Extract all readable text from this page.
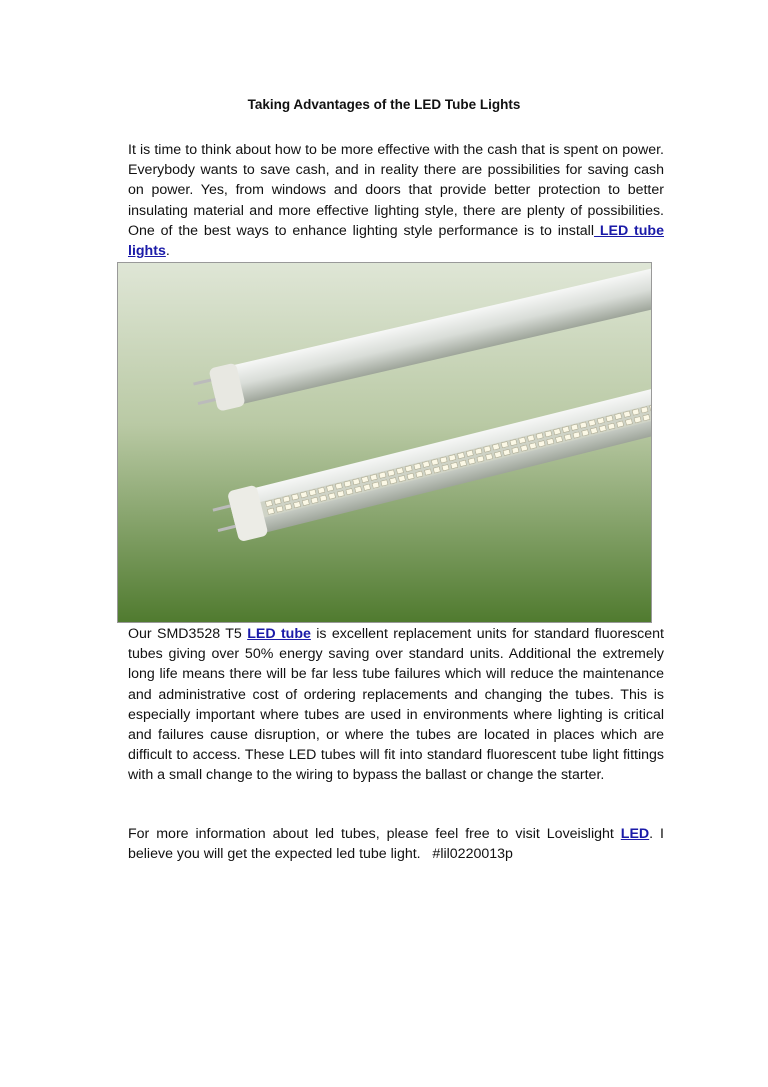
Taking Advantages of the LED Tube Lights

It is time to think about how to be more effective with the cash that is spent on power. Everybody wants to save cash, and in reality there are possibilities for saving cash on power. Yes, from windows and doors that provide better protection to better insulating material and more effective lighting style, there are plenty of possibilities. One of the best ways to enhance lighting style performance is to install LED tube lights.

Our SMD3528 T5 LED tube is excellent replacement units for standard fluorescent tubes giving over 50% energy saving over standard units. Additional the extremely long life means there will be far less tube failures which will reduce the maintenance and administrative cost of ordering replacements and changing the tubes. This is especially important where tubes are used in environments where lighting is critical and failures cause disruption, or where the tubes are located in places which are difficult to access. These LED tubes will fit into standard fluorescent tube light fittings with a small change to the wiring to bypass the ballast or change the starter.

For more information about led tubes, please feel free to visit Loveislight LED. I believe you will get the expected led tube light.   #lil0220013p
